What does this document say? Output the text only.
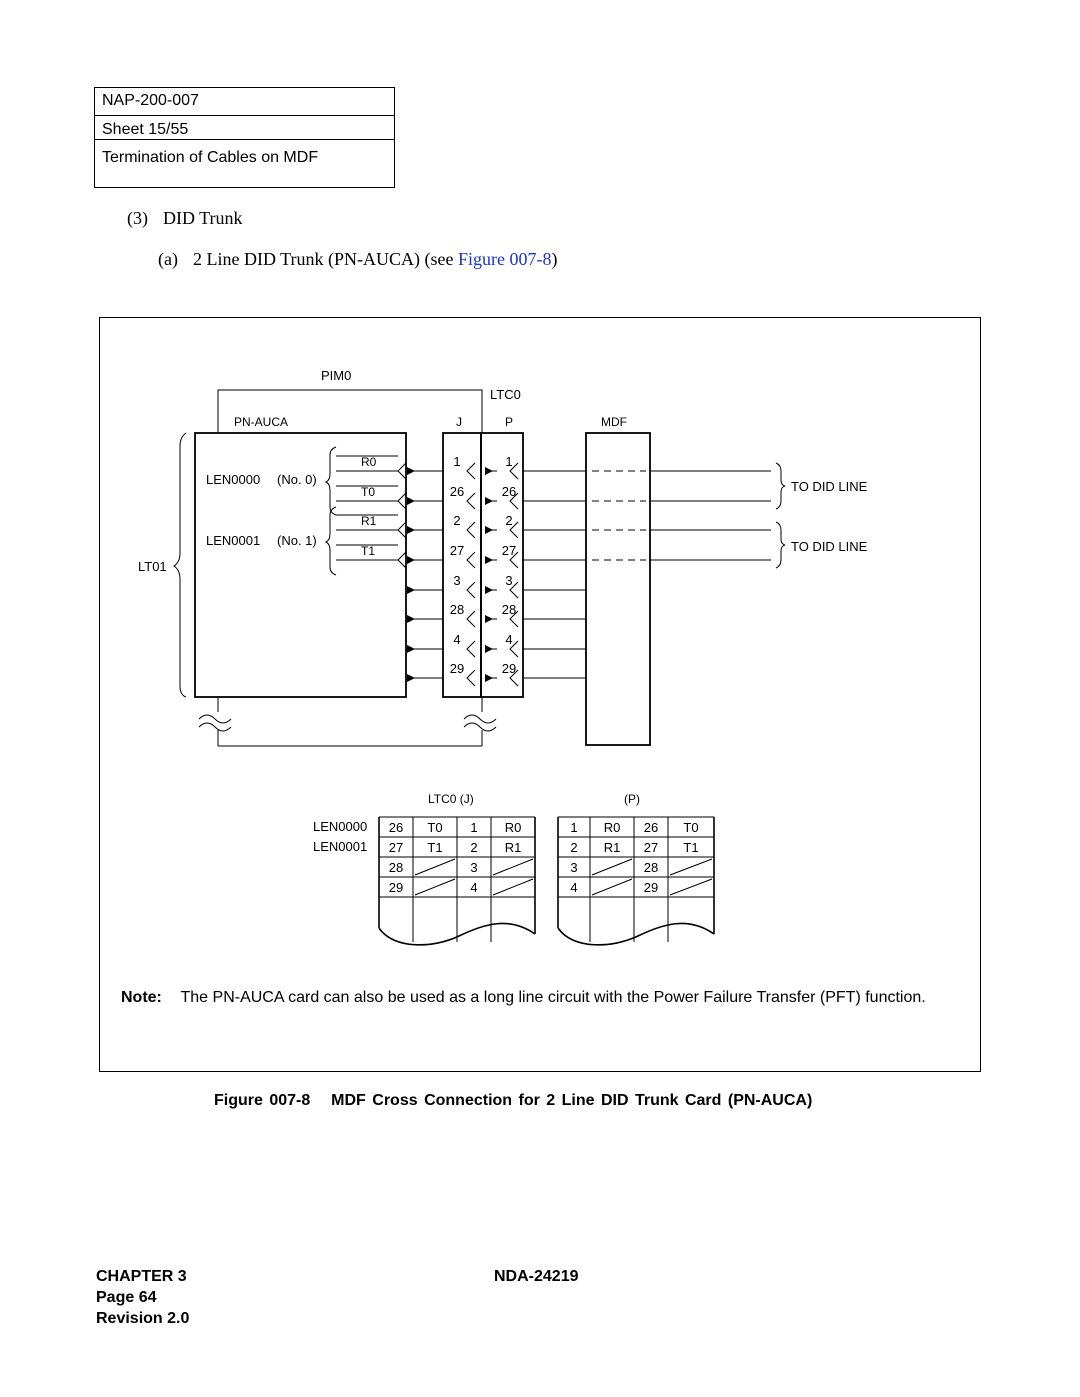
NAP-200-007
Sheet 15/55
Termination of Cables on MDF
(3) DID Trunk
(a) 2 Line DID Trunk (PN-AUCA) (see Figure 007-8)
PIM0
LTC0
PN-AUCA	J	P	MDF
LT01
LEN0000 (No. 0)
LEN0001 (No. 1)
R0
T0
R1
T1
1
26
2
27
3
28
4
29
1
26
2
27
3
28
4
29
TO DID LINE
TO DID LINE
LTC0 (J)	(P)
LEN0000
LEN0001
26 T0 1 R0
27 T1 2 R1
28	3
29	4
1 R0 26 T0
2 R1 27 T1
3	28
4	29
Note: The PN-AUCA card can also be used as a long line circuit with the Power Failure Transfer (PFT) function.
Figure 007-8 MDF Cross Connection for 2 Line DID Trunk Card (PN-AUCA)
CHAPTER 3
Page 64
Revision 2.0
NDA-24219
